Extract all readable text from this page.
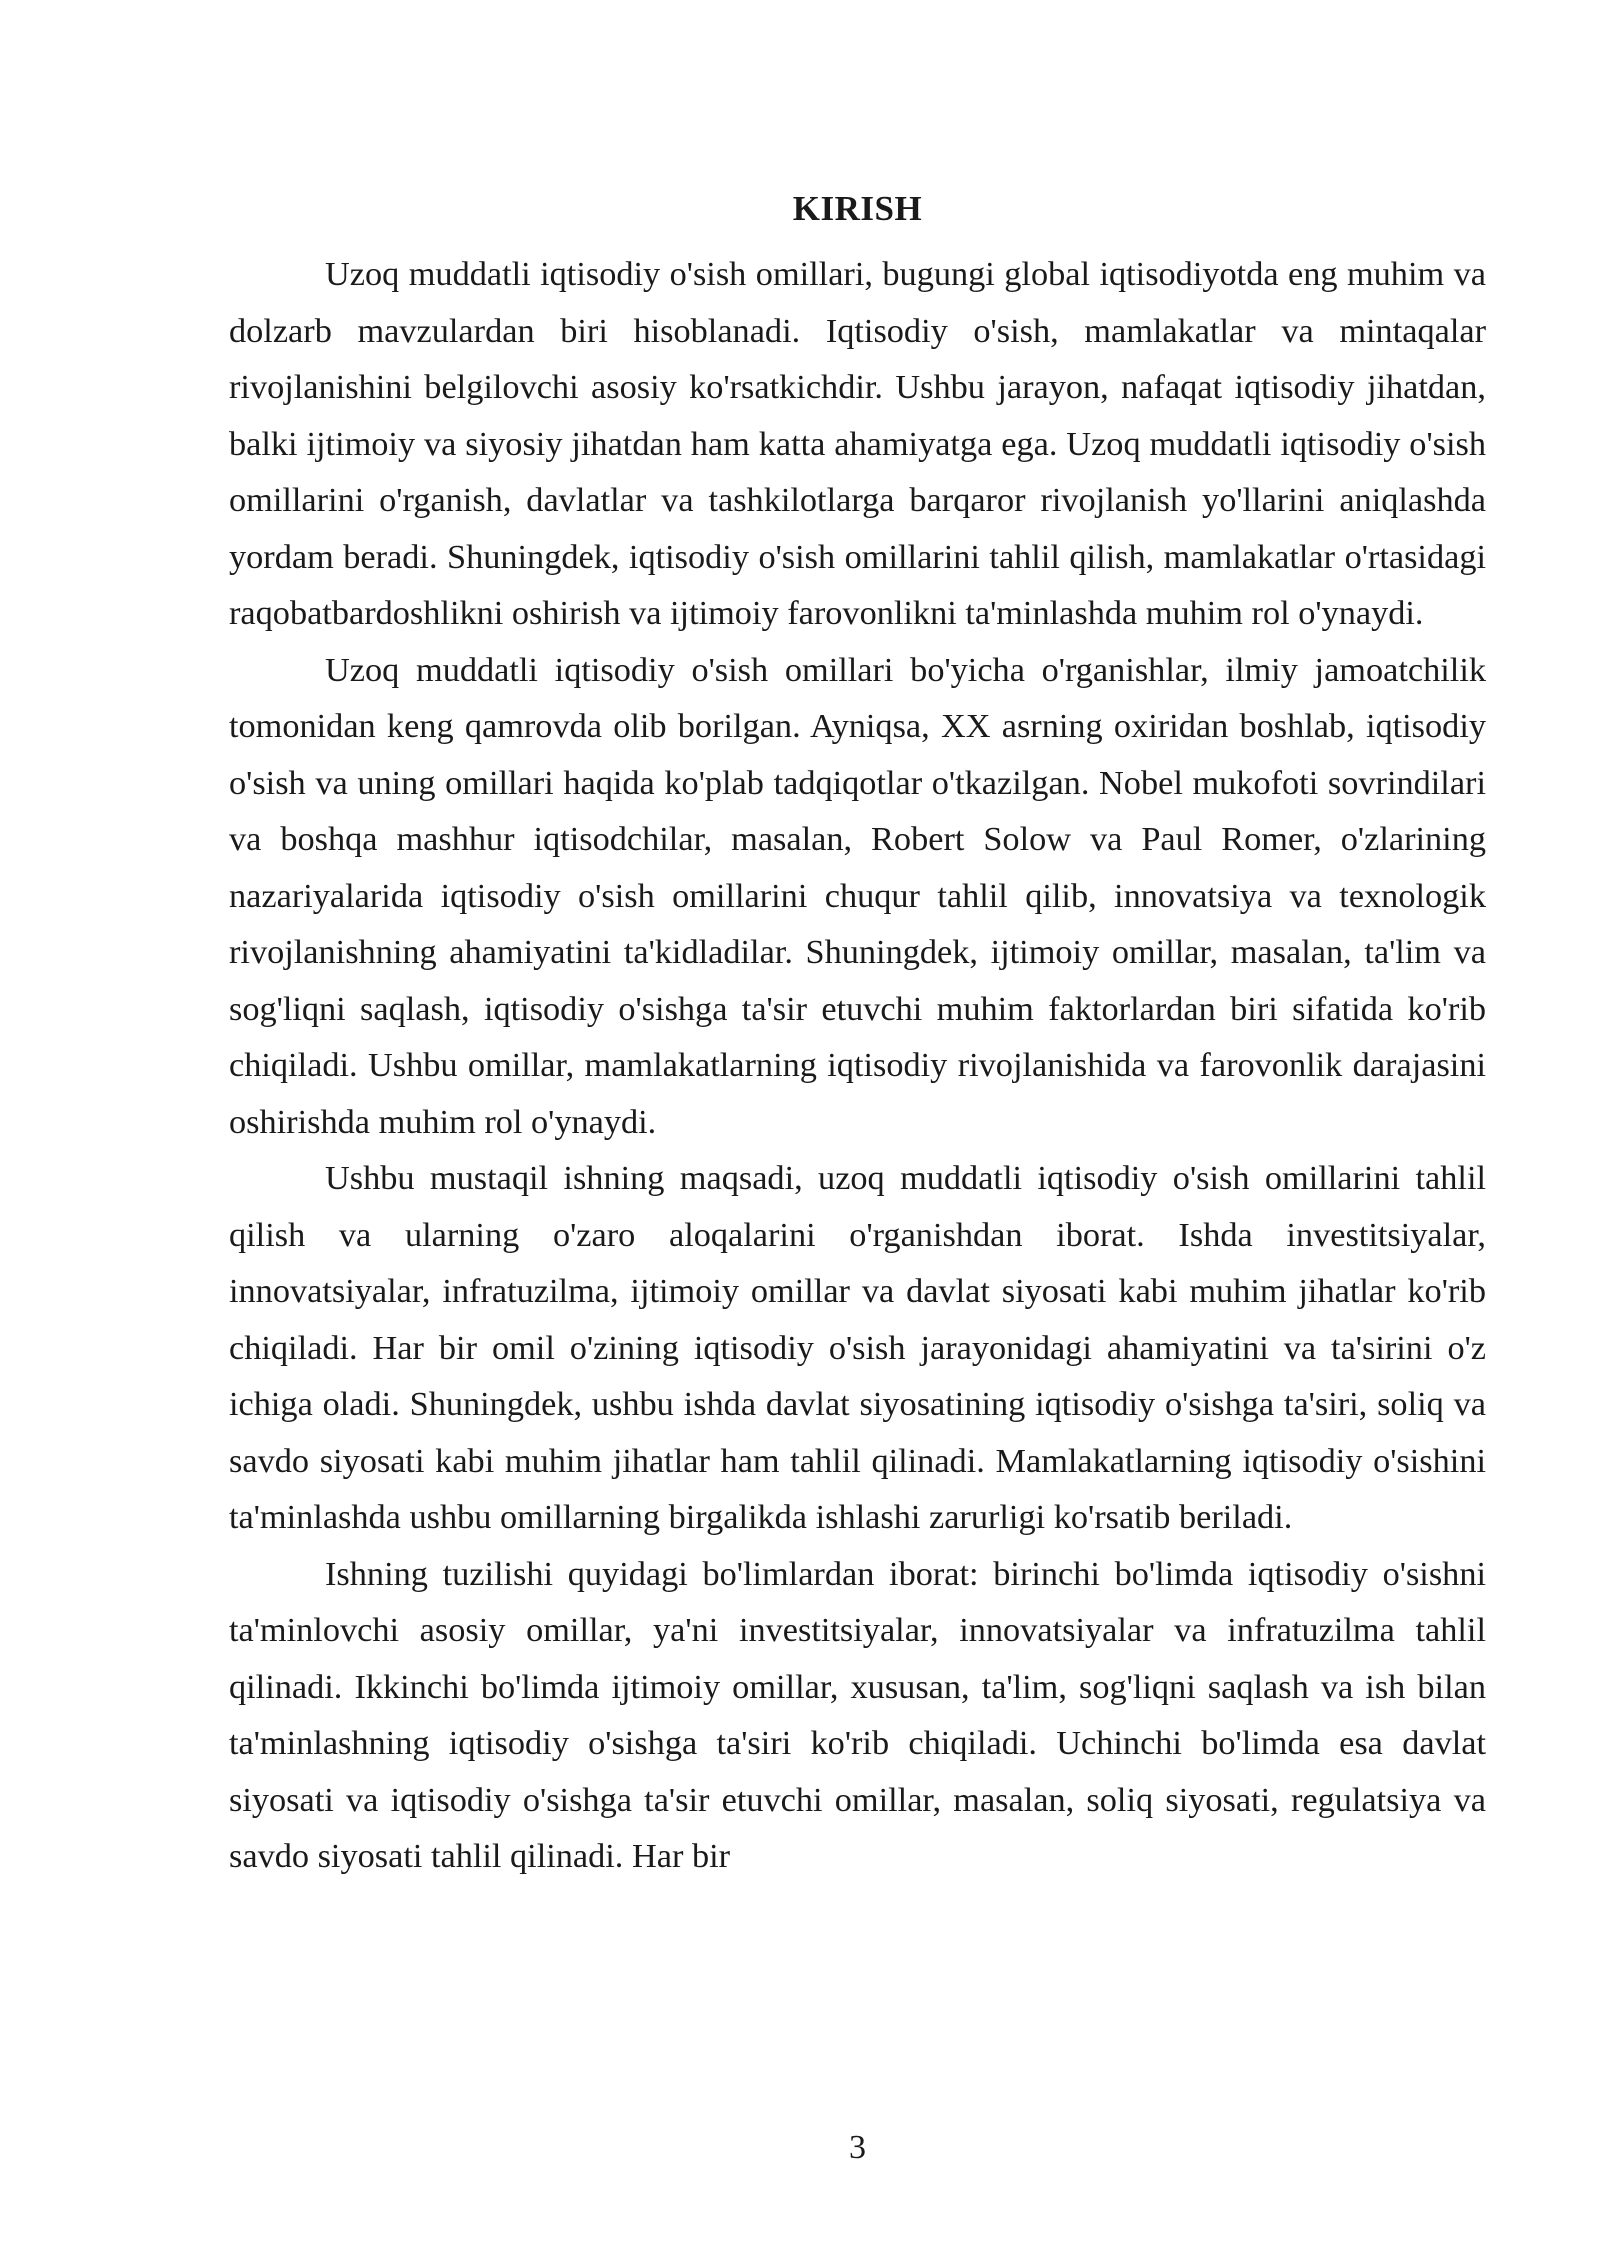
KIRISH

Uzoq muddatli iqtisodiy o'sish omillari, bugungi global iqtisodiyotda eng muhim va dolzarb mavzulardan biri hisoblanadi. Iqtisodiy o'sish, mamlakatlar va mintaqalar rivojlanishini belgilovchi asosiy ko'rsatkichdir. Ushbu jarayon, nafaqat iqtisodiy jihatdan, balki ijtimoiy va siyosiy jihatdan ham katta ahamiyatga ega. Uzoq muddatli iqtisodiy o'sish omillarini o'rganish, davlatlar va tashkilotlarga barqaror rivojlanish yo'llarini aniqlashda yordam beradi. Shuningdek, iqtisodiy o'sish omillarini tahlil qilish, mamlakatlar o'rtasidagi raqobatbardoshlikni oshirish va ijtimoiy farovonlikni ta'minlashda muhim rol o'ynaydi.

Uzoq muddatli iqtisodiy o'sish omillari bo'yicha o'rganishlar, ilmiy jamoatchilik tomonidan keng qamrovda olib borilgan. Ayniqsa, XX asrning oxiridan boshlab, iqtisodiy o'sish va uning omillari haqida ko'plab tadqiqotlar o'tkazilgan. Nobel mukofoti sovrindilari va boshqa mashhur iqtisodchilar, masalan, Robert Solow va Paul Romer, o'zlarining nazariyalarida iqtisodiy o'sish omillarini chuqur tahlil qilib, innovatsiya va texnologik rivojlanishning ahamiyatini ta'kidladilar. Shuningdek, ijtimoiy omillar, masalan, ta'lim va sog'liqni saqlash, iqtisodiy o'sishga ta'sir etuvchi muhim faktorlardan biri sifatida ko'rib chiqiladi. Ushbu omillar, mamlakatlarning iqtisodiy rivojlanishida va farovonlik darajasini oshirishda muhim rol o'ynaydi.

Ushbu mustaqil ishning maqsadi, uzoq muddatli iqtisodiy o'sish omillarini tahlil qilish va ularning o'zaro aloqalarini o'rganishdan iborat. Ishda investitsiyalar, innovatsiyalar, infratuzilma, ijtimoiy omillar va davlat siyosati kabi muhim jihatlar ko'rib chiqiladi. Har bir omil o'zining iqtisodiy o'sish jarayonidagi ahamiyatini va ta'sirini o'z ichiga oladi. Shuningdek, ushbu ishda davlat siyosatining iqtisodiy o'sishga ta'siri, soliq va savdo siyosati kabi muhim jihatlar ham tahlil qilinadi. Mamlakatlarning iqtisodiy o'sishini ta'minlashda ushbu omillarning birgalikda ishlashi zarurligi ko'rsatib beriladi.

Ishning tuzilishi quyidagi bo'limlardan iborat: birinchi bo'limda iqtisodiy o'sishni ta'minlovchi asosiy omillar, ya'ni investitsiyalar, innovatsiyalar va infratuzilma tahlil qilinadi. Ikkinchi bo'limda ijtimoiy omillar, xususan, ta'lim, sog'liqni saqlash va ish bilan ta'minlashning iqtisodiy o'sishga ta'siri ko'rib chiqiladi. Uchinchi bo'limda esa davlat siyosati va iqtisodiy o'sishga ta'sir etuvchi omillar, masalan, soliq siyosati, regulatsiya va savdo siyosati tahlil qilinadi. Har bir

3
